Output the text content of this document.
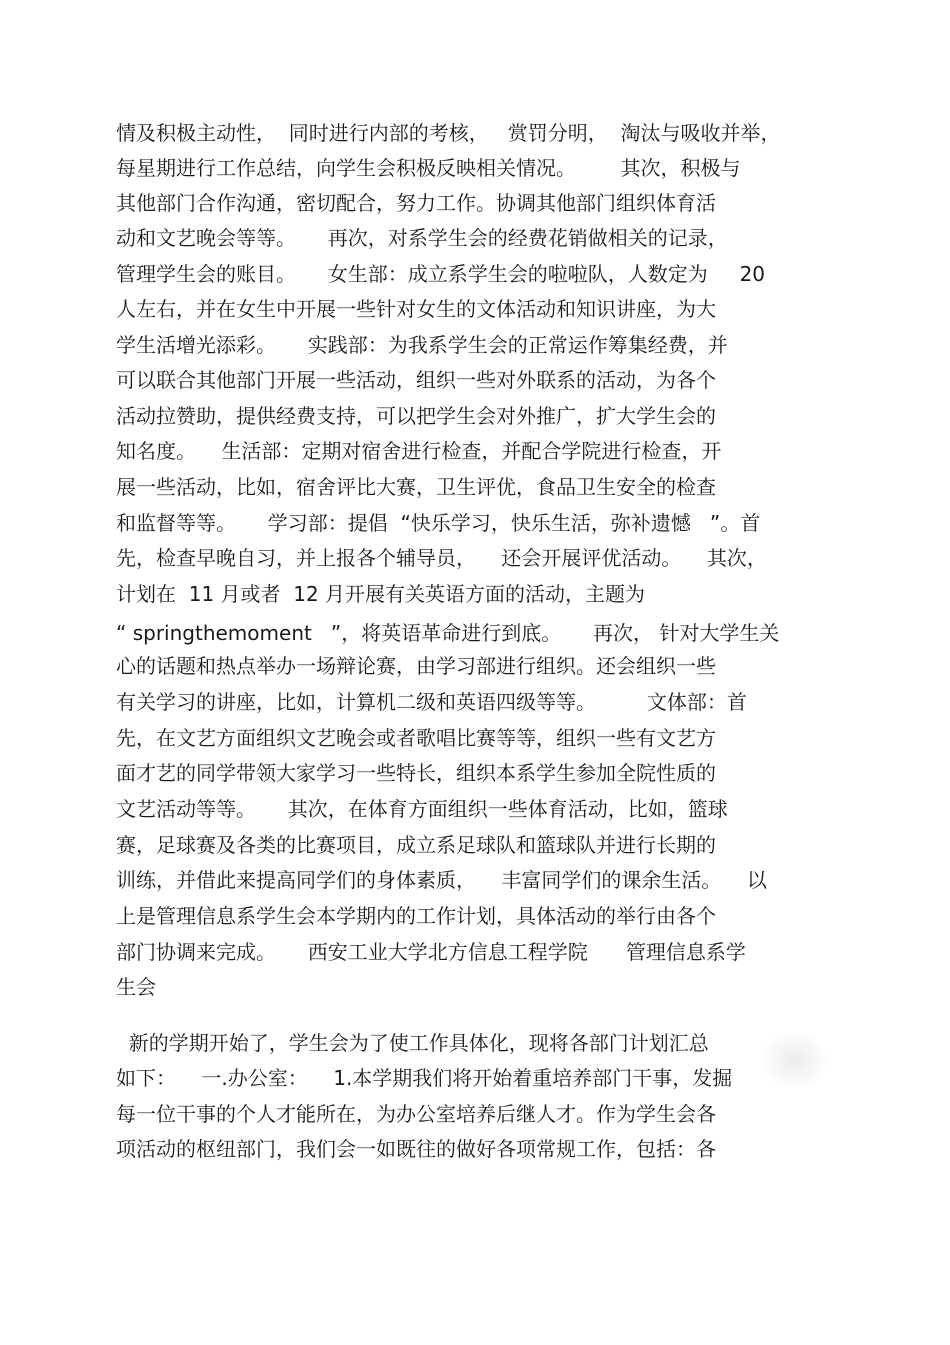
情及积极主动性，  同时进行内部的考核，   赏罚分明，  淘汰与吸收并举，
每星期进行工作总结，向学生会积极反映相关情况。       其次，积极与
其他部门合作沟通，密切配合，努力工作。协调其他部门组织体育活
动和文艺晚会等等。     再次，对系学生会的经费花销做相关的记录，
管理学生会的账目。     女生部：成立系学生会的啦啦队，人数定为     20
人左右，并在女生中开展一些针对女生的文体活动和知识讲座，为大
学生活增光添彩。     实践部：为我系学生会的正常运作筹集经费，并
可以联合其他部门开展一些活动，组织一些对外联系的活动，为各个
活动拉赞助，提供经费支持，可以把学生会对外推广，扩大学生会的
知名度。    生活部：定期对宿舍进行检查，并配合学院进行检查，开
展一些活动，比如，宿舍评比大赛，卫生评优，食品卫生安全的检查
和监督等等。     学习部：提倡  “快乐学习，快乐生活，弥补遗憾   ”。首
先，检查早晚自习，并上报各个辅导员，    还会开展评优活动。    其次，
计划在  11 月或者  12 月开展有关英语方面的活动，主题为
“ springthemoment   ”，将英语革命进行到底。     再次， 针对大学生关
心的话题和热点举办一场辩论赛，由学习部进行组织。还会组织一些
有关学习的讲座，比如，计算机二级和英语四级等等。        文体部：首
先，在文艺方面组织文艺晚会或者歌唱比赛等等，组织一些有文艺方
面才艺的同学带领大家学习一些特长，组织本系学生参加全院性质的
文艺活动等等。     其次，在体育方面组织一些体育活动，比如，篮球
赛，足球赛及各类的比赛项目，成立系足球队和篮球队并进行长期的
训练，并借此来提高同学们的身体素质，    丰富同学们的课余生活。    以
上是管理信息系学生会本学期内的工作计划，具体活动的举行由各个
部门协调来完成。     西安工业大学北方信息工程学院      管理信息系学
生会
新的学期开始了，学生会为了使工作具体化，现将各部门计划汇总
如下：    一.办公室：    1.本学期我们将开始着重培养部门干事，发掘
每一位干事的个人才能所在，为办公室培养后继人才。作为学生会各
项活动的枢纽部门，我们会一如既往的做好各项常规工作，包括：各
